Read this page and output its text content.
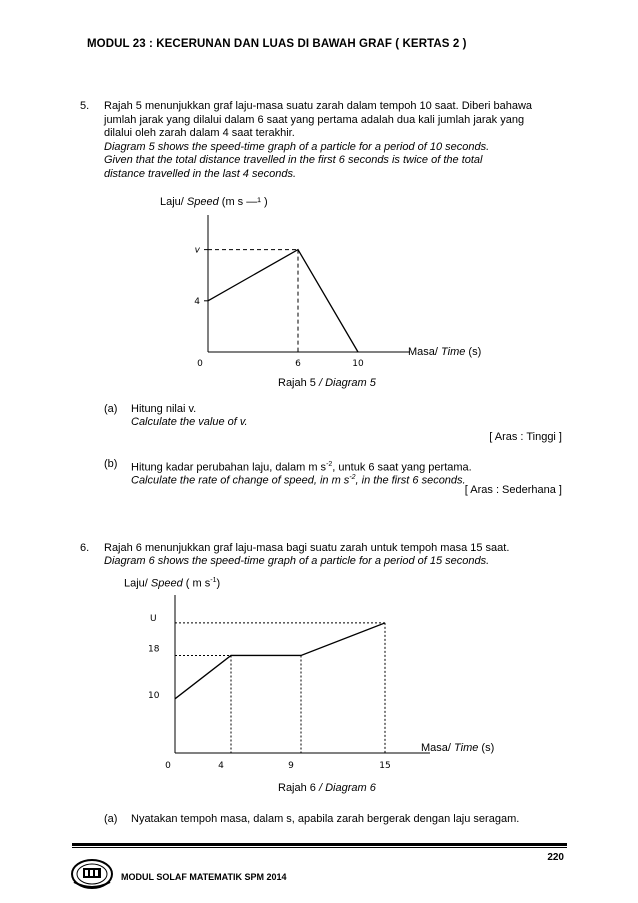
MODUL 23 : KECERUNAN DAN LUAS DI BAWAH GRAF ( KERTAS 2 )
5. Rajah 5 menunjukkan graf laju-masa suatu zarah dalam tempoh 10 saat. Diberi bahawa
jumlah jarak yang dilalui dalam 6 saat yang pertama adalah dua kali jumlah jarak yang
dilalui oleh zarah dalam 4 saat terakhir.
Diagram 5 shows the speed-time graph of a particle for a period of 10 seconds.
Given that the total distance travelled in the first 6 seconds is twice of the total
distance travelled in the last 4 seconds.
Laju/ Speed (m s —¹ )
v
4
0	6	10
Masa/ Time (s)
Rajah 5 / Diagram 5
(a) Hitung nilai v.
Calculate the value of v.
[ Aras : Tinggi ]
(b) Hitung kadar perubahan laju, dalam m $s^{-2}$, untuk 6 saat yang pertama.
Calculate the rate of change of speed, in m $s^{-2}$, in the first 6 seconds.
[ Aras : Sederhana ]
6. Rajah 6 menunjukkan graf laju-masa bagi suatu zarah untuk tempoh masa 15 saat.
Diagram 6 shows the speed-time graph of a particle for a period of 15 seconds.
Laju/ Speed ( m $s^{-1}$)
U
18
10
0	4	9	15
Masa/ Time (s)
Rajah 6 / Diagram 6
(a) Nyatakan tempoh masa, dalam s, apabila zarah bergerak dengan laju seragam.
220
MODUL SOLAF MATEMATIK SPM 2014
